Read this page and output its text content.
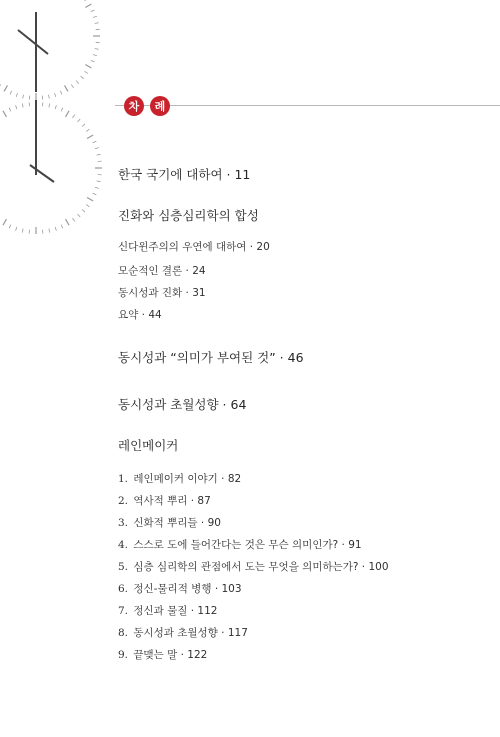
차	례
한국 국기에 대하여 · 11
진화와 심층심리학의 합성
신다윈주의의 우연에 대하여 · 20
모순적인 결론 · 24
동시성과 진화 · 31
요약 · 44
동시성과 “의미가 부여된 것” · 46
동시성과 초월성향 · 64
레인메이커
1. 레인메이커 이야기 · 82
2. 역사적 뿌리 · 87
3. 신화적 뿌리들 · 90
4. 스스로 도에 들어간다는 것은 무슨 의미인가? · 91
5. 심층 심리학의 관점에서 도는 무엇을 의미하는가? · 100
6. 정신-물리적 병행 · 103
7. 정신과 물질 · 112
8. 동시성과 초월성향 · 117
9. 끝맺는 말 · 122
